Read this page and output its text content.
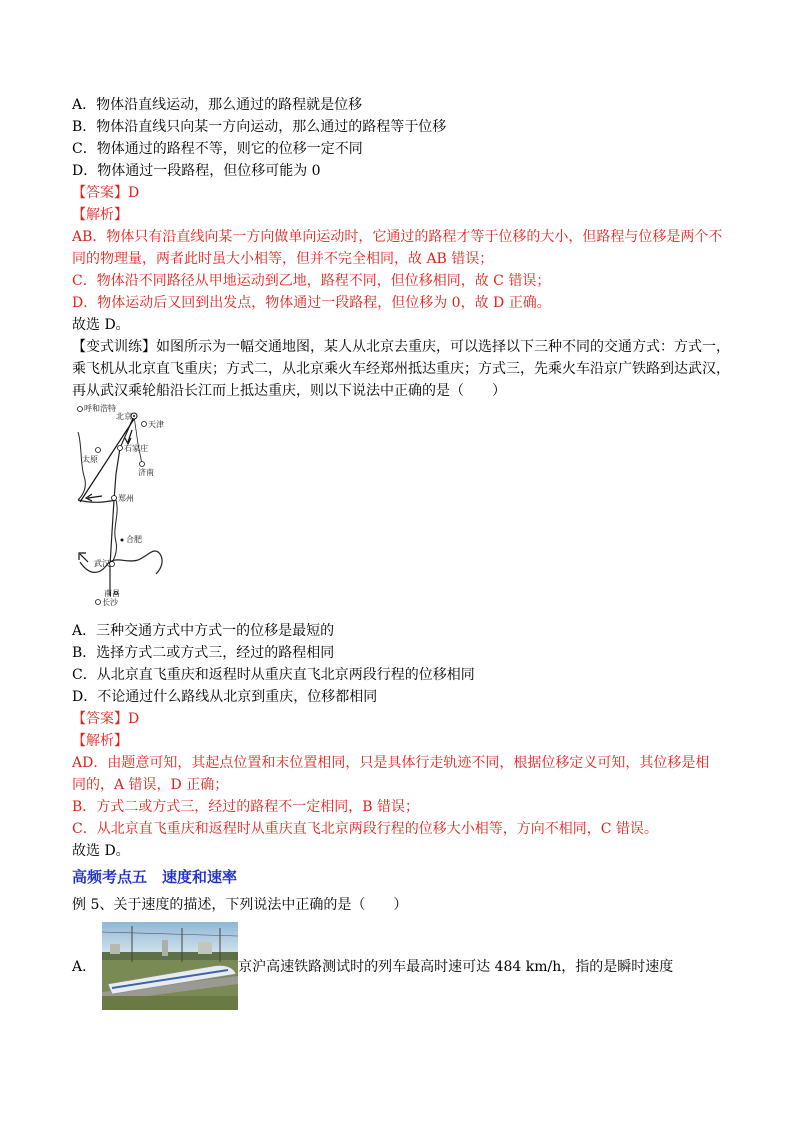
A．物体沿直线运动，那么通过的路程就是位移
B．物体沿直线只向某一方向运动，那么通过的路程等于位移
C．物体通过的路程不等，则它的位移一定不同
D．物体通过一段路程，但位移可能为 0
【答案】D
【解析】
AB．物体只有沿直线向某一方向做单向运动时，它通过的路程才等于位移的大小，但路程与位移是两个不
同的物理量，两者此时虽大小相等，但并不完全相同，故 AB 错误；
C．物体沿不同路径从甲地运动到乙地，路程不同，但位移相同，故 C 错误；
D．物体运动后又回到出发点，物体通过一段路程，但位移为 0，故 D 正确。
故选 D。
【变式训练】如图所示为一幅交通地图，某人从北京去重庆，可以选择以下三种不同的交通方式：方式一，
乘飞机从北京直飞重庆；方式二，从北京乘火车经郑州抵达重庆；方式三，先乘火车沿京广铁路到达武汉，
再从武汉乘轮船沿长江而上抵达重庆，则以下说法中正确的是（　　）
呼和浩特
北京
天津
太原
石家庄
济南
郑州
合肥
武汉
南昌
长沙
A．三种交通方式中方式一的位移是最短的
B．选择方式二或方式三，经过的路程相同
C．从北京直飞重庆和返程时从重庆直飞北京两段行程的位移相同
D．不论通过什么路线从北京到重庆，位移都相同
【答案】D
【解析】
AD．由题意可知，其起点位置和末位置相同，只是具体行走轨迹不同，根据位移定义可知，其位移是相
同的，A 错误，D 正确；
B．方式二或方式三，经过的路程不一定相同，B 错误；
C．从北京直飞重庆和返程时从重庆直飞北京两段行程的位移大小相等，方向不相同，C 错误。
故选 D。
高频考点五　速度和速率
例 5、关于速度的描述，下列说法中正确的是（　　）
A．	京沪高速铁路测试时的列车最高时速可达 484 km/h，指的是瞬时速度
